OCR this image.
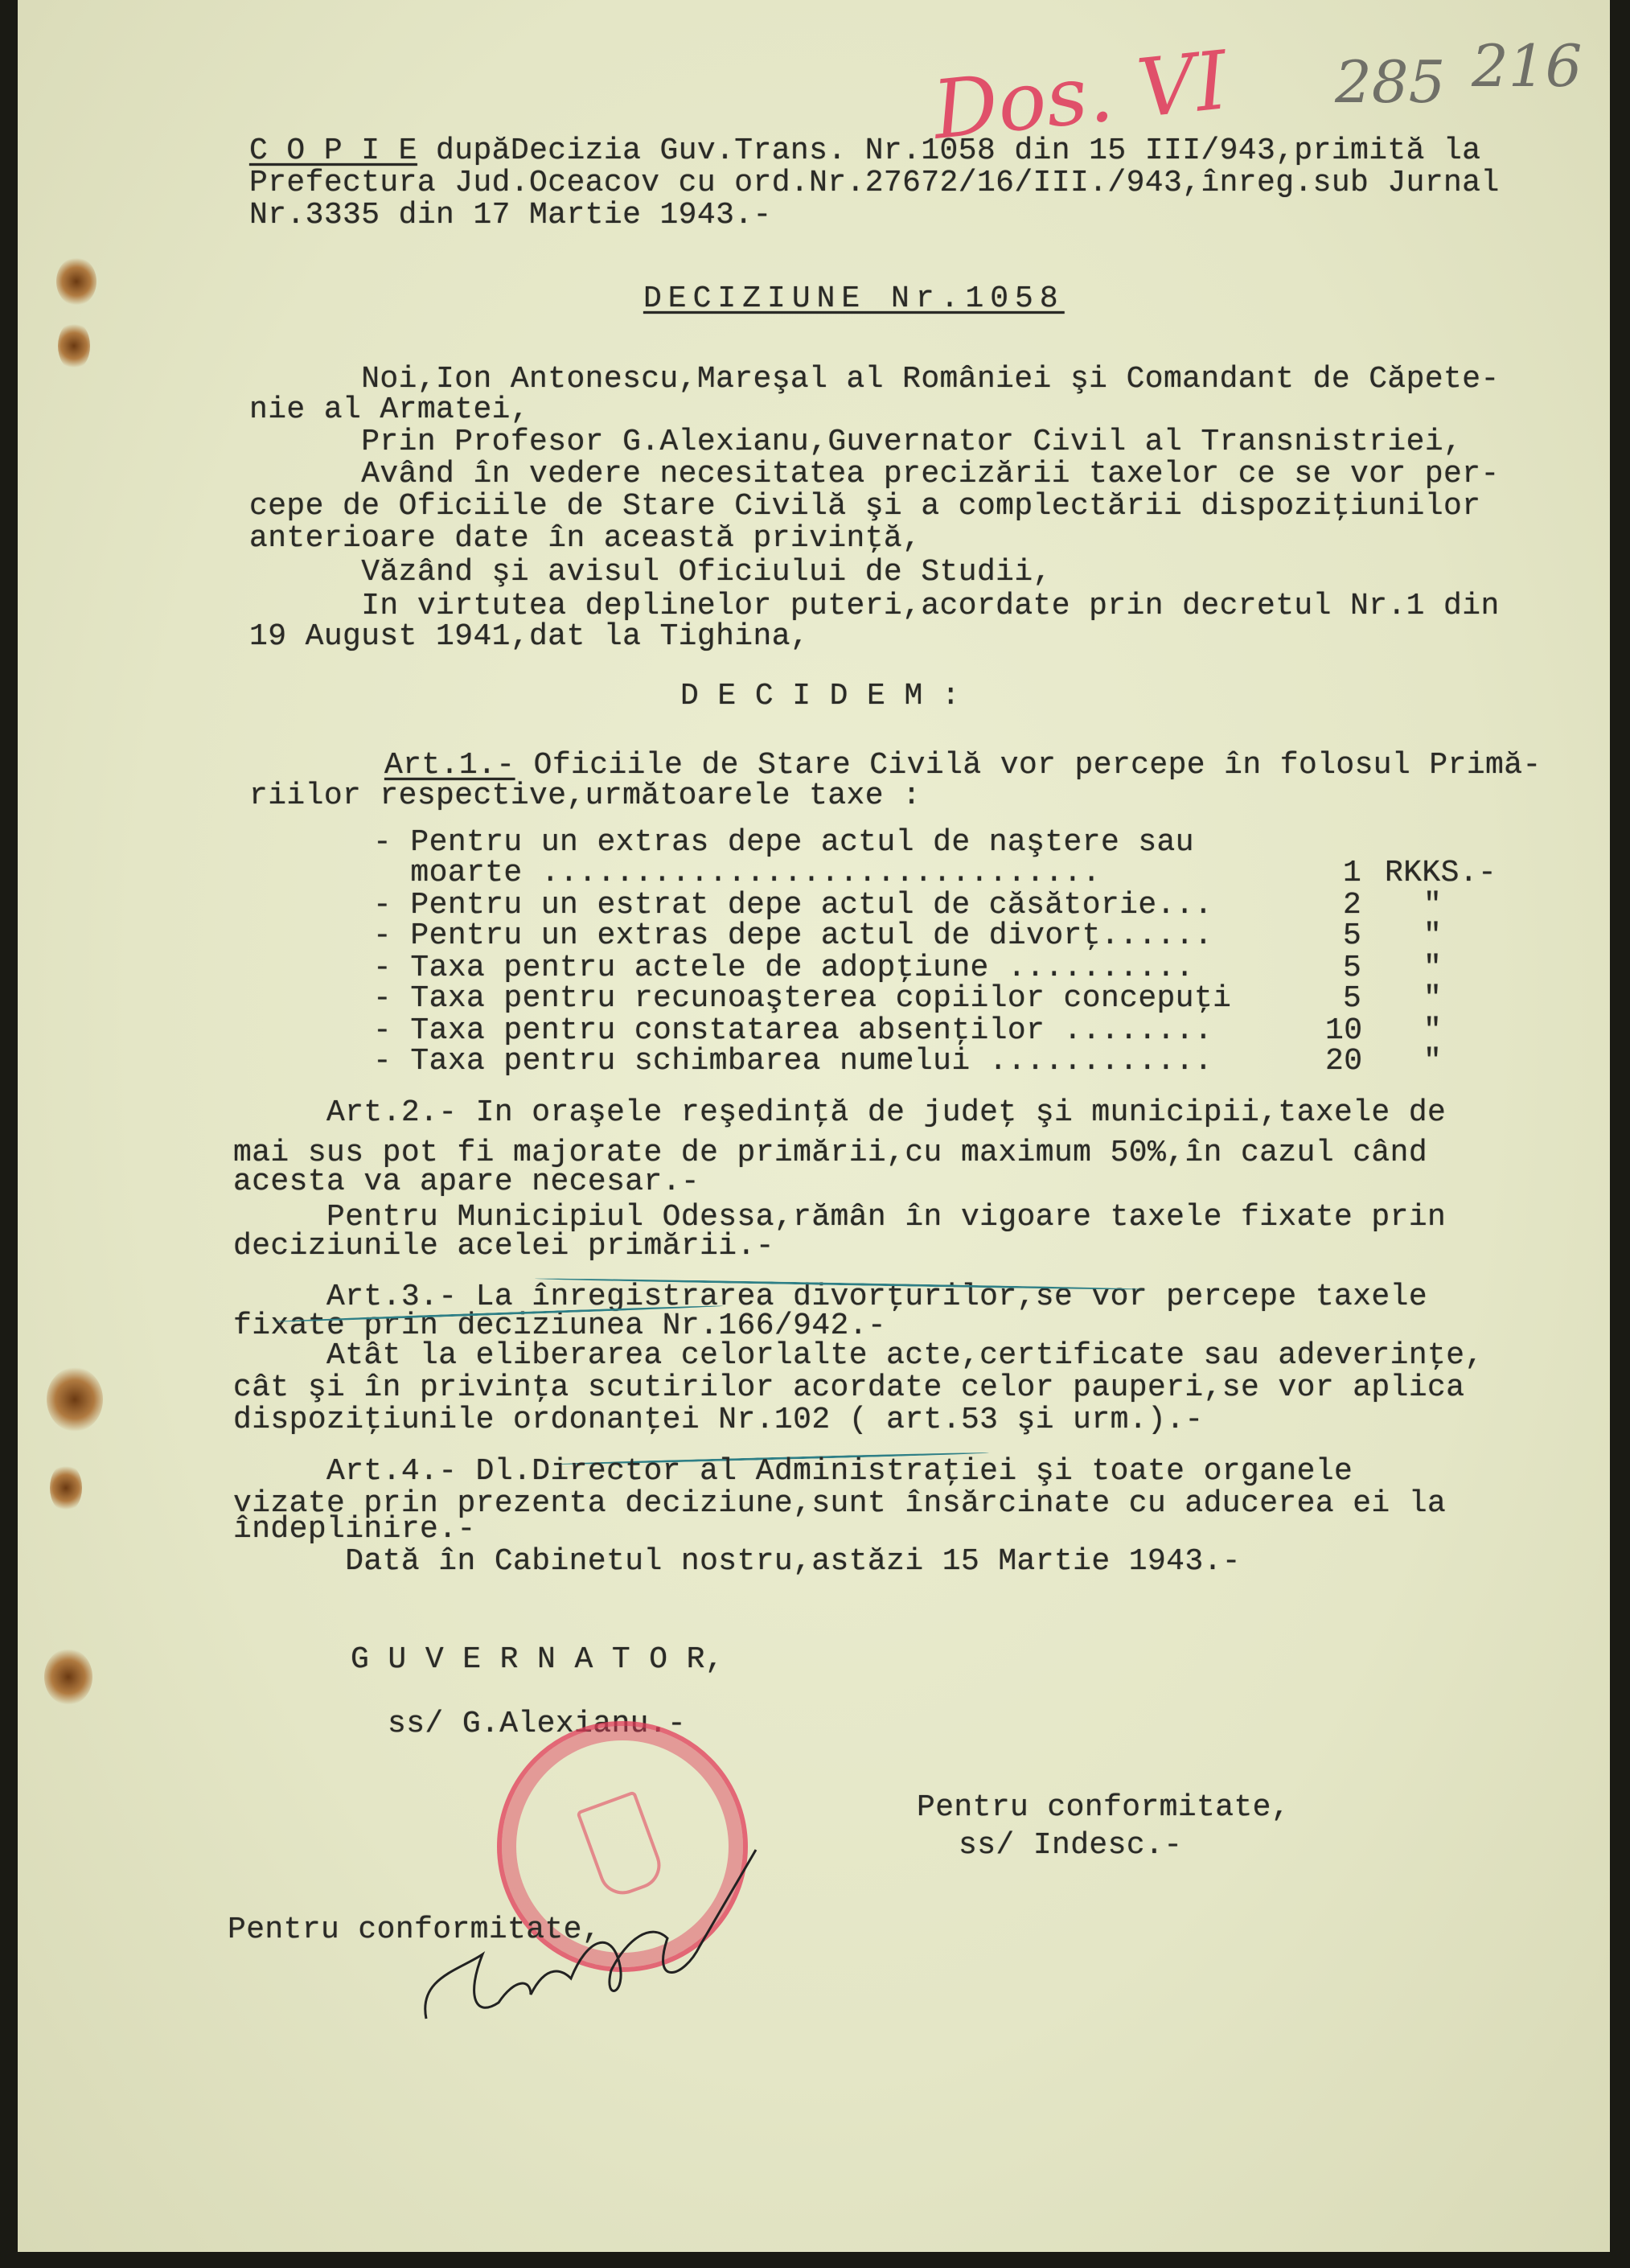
Dos. VI 285 216
C O P I E dupăDecizia Guv.Trans. Nr.1058 din 15 III/943,primită la
Prefectura Jud.Oceacov cu ord.Nr.27672/16/III./943,înreg.sub Jurnal
Nr.3335 din 17 Martie 1943.-
DECIZIUNE Nr.1058
Noi,Ion Antonescu,Mareşal al României şi Comandant de Căpete-
nie al Armatei,
Prin Profesor G.Alexianu,Guvernator Civil al Transnistriei,
Având în vedere necesitatea precizării taxelor ce se vor per-
cepe de Oficiile de Stare Civilă şi a complectării dispoziţiunilor
anterioare date în această privinţă,
Văzând şi avisul Oficiului de Studii,
In virtutea deplinelor puteri,acordate prin decretul Nr.1 din
19 August 1941,dat la Tighina,
D E C I D E M :
Art.1.- Oficiile de Stare Civilă vor percepe în folosul Primă-
riilor respective,următoarele taxe :
- Pentru un extras depe actul de naştere sau
moarte ..............................	1 RKKS.-
- Pentru un estrat depe actul de căsătorie...	2 "
- Pentru un extras depe actul de divorţ......	5 "
- Taxa pentru actele de adopţiune ..........	5 "
- Taxa pentru recunoaşterea copiilor concepuţi	5 "
- Taxa pentru constatarea absenţilor ........	10 "
- Taxa pentru schimbarea numelui ............	20 "
Art.2.- In oraşele reşedinţă de judeţ şi municipii,taxele de
mai sus pot fi majorate de primării,cu maximum 50%,în cazul când
acesta va apare necesar.-
Pentru Municipiul Odessa,rămân în vigoare taxele fixate prin
deciziunile acelei primării.-
Art.3.- La înregistrarea divorţurilor,se vor percepe taxele
fixate prin deciziunea Nr.166/942.-
Atât la eliberarea celorlalte acte,certificate sau adeverinţe,
cât şi în privinţa scutirilor acordate celor pauperi,se vor aplica
dispoziţiunile ordonanţei Nr.102 ( art.53 şi urm.).-
Art.4.- Dl.Director al Administraţiei şi toate organele
vizate prin prezenta deciziune,sunt însărcinate cu aducerea ei la
îndeplinire.-
Dată în Cabinetul nostru,astăzi 15 Martie 1943.-
G U V E R N A T O R,
ss/ G.Alexianu.-
Pentru conformitate,
ss/ Indesc.-
Pentru conformitate,
